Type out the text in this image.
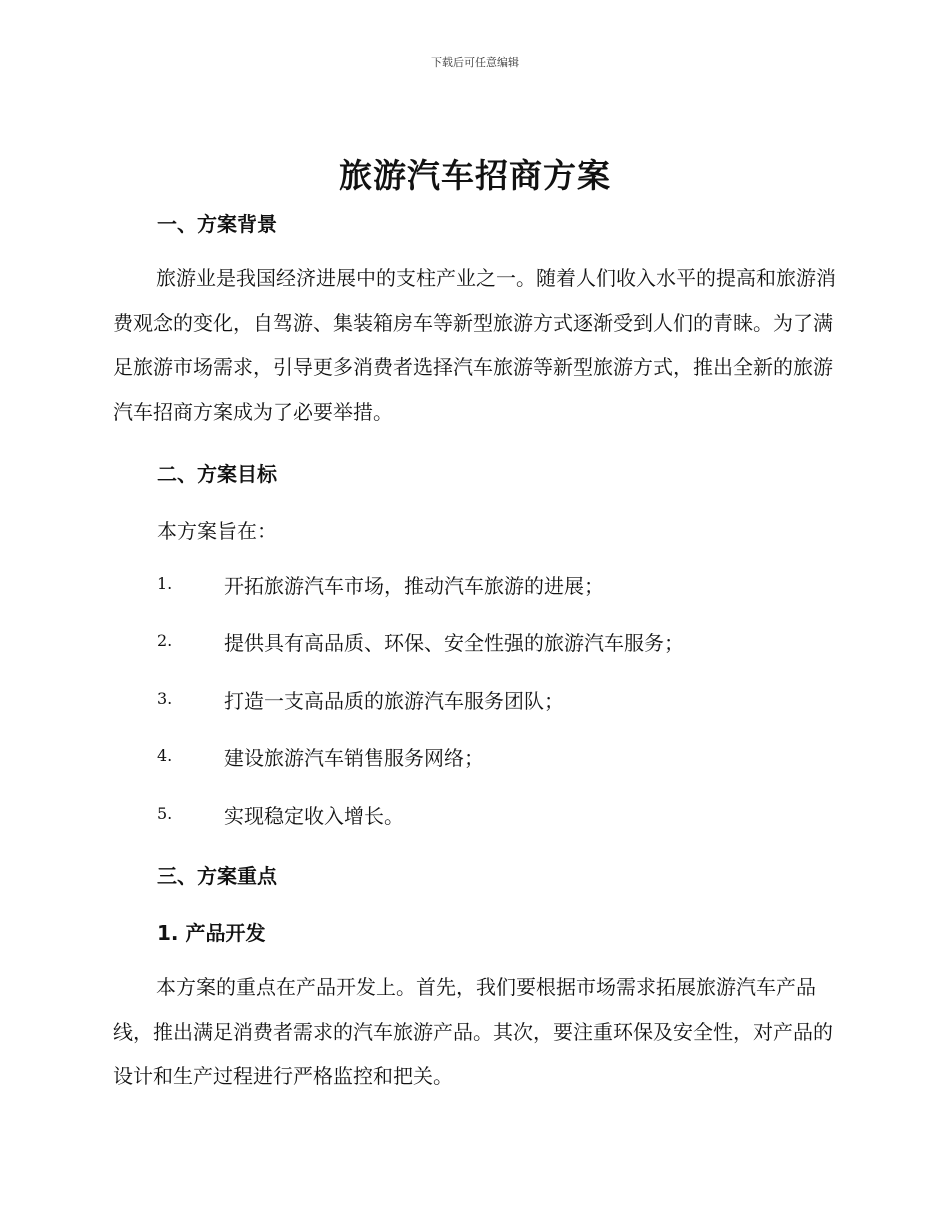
下载后可任意编辑
旅游汽车招商方案
一、方案背景

旅游业是我国经济进展中的支柱产业之一。随着人们收入水平的提高和旅游消费观念的变化，自驾游、集装箱房车等新型旅游方式逐渐受到人们的青睐。为了满足旅游市场需求，引导更多消费者选择汽车旅游等新型旅游方式，推出全新的旅游汽车招商方案成为了必要举措。

二、方案目标
本方案旨在：
1.	开拓旅游汽车市场，推动汽车旅游的进展；
2.	提供具有高品质、环保、安全性强的旅游汽车服务；
3.	打造一支高品质的旅游汽车服务团队；
4.	建设旅游汽车销售服务网络；
5.	实现稳定收入增长。
三、方案重点
1. 产品开发

本方案的重点在产品开发上。首先，我们要根据市场需求拓展旅游汽车产品线，推出满足消费者需求的汽车旅游产品。其次，要注重环保及安全性，对产品的设计和生产过程进行严格监控和把关。
